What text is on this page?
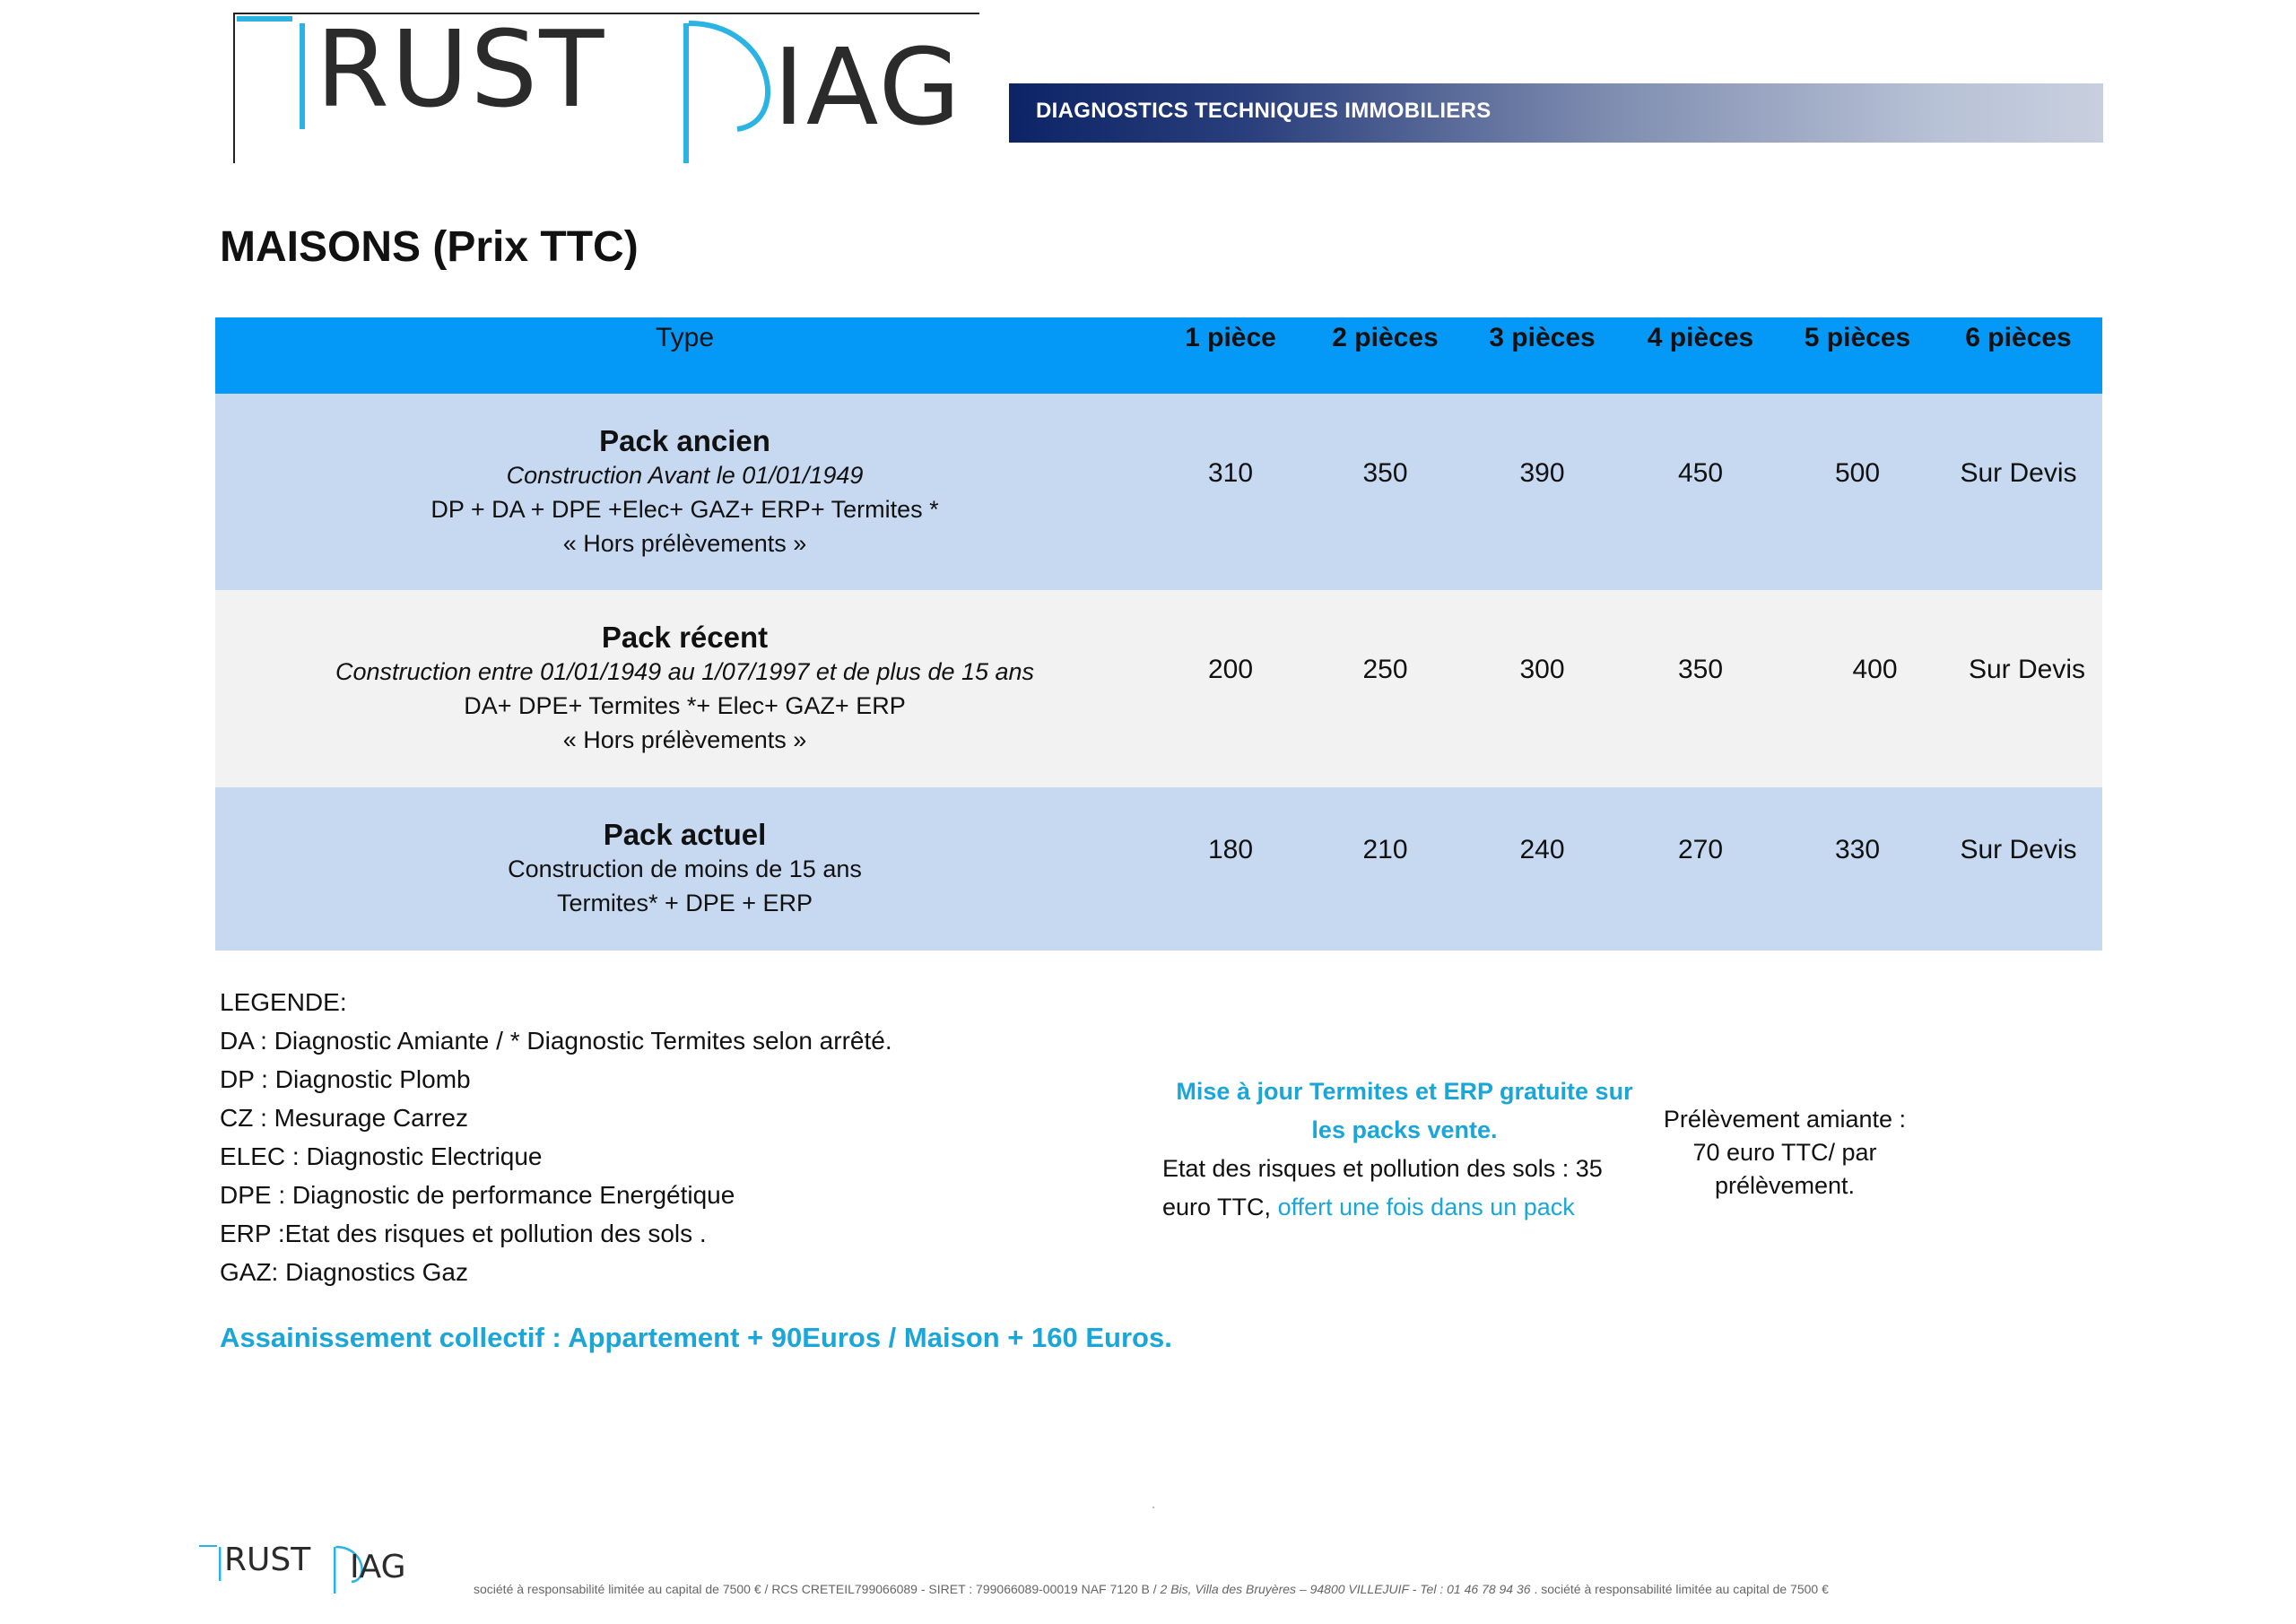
RUST IAG	DIAGNOSTICS TECHNIQUES IMMOBILIERS
MAISONS (Prix TTC)
Type	1 pièce	2 pièces	3 pièces	4 pièces	5 pièces	6 pièces

Pack ancien
Construction Avant le 01/01/1949
DP + DA + DPE +Elec+ GAZ+ ERP+ Termites *
« Hors prélèvements »	310	350	390	450	500	Sur Devis

Pack récent
Construction entre 01/01/1949 au 1/07/1997 et de plus de 15 ans
DA+ DPE+ Termites *+ Elec+ GAZ+ ERP
« Hors prélèvements »	200	250	300	350	400	Sur Devis

Pack actuel
Construction de moins de 15 ans
Termites* + DPE + ERP	180	210	240	270	330	Sur Devis
LEGENDE:
DA : Diagnostic Amiante / * Diagnostic Termites selon arrêté.
DP : Diagnostic Plomb
CZ : Mesurage Carrez
ELEC : Diagnostic Electrique
DPE : Diagnostic de performance Energétique
ERP :Etat des risques et pollution des sols .
GAZ: Diagnostics Gaz
Assainissement collectif : Appartement + 90Euros / Maison + 160 Euros.
Mise à jour Termites et ERP gratuite sur les packs vente.
Etat des risques et pollution des sols : 35 euro TTC, offert une fois dans un pack
Prélèvement amiante : 70 euro TTC/ par prélèvement.
RUST IAG
société à responsabilité limitée au capital de 7500 € / RCS CRETEIL799066089 - SIRET : 799066089-00019 NAF 7120 B / 2 Bis, Villa des Bruyères – 94800 VILLEJUIF - Tel : 01 46 78 94 36 . société à responsabilité limitée au capital de 7500 €
